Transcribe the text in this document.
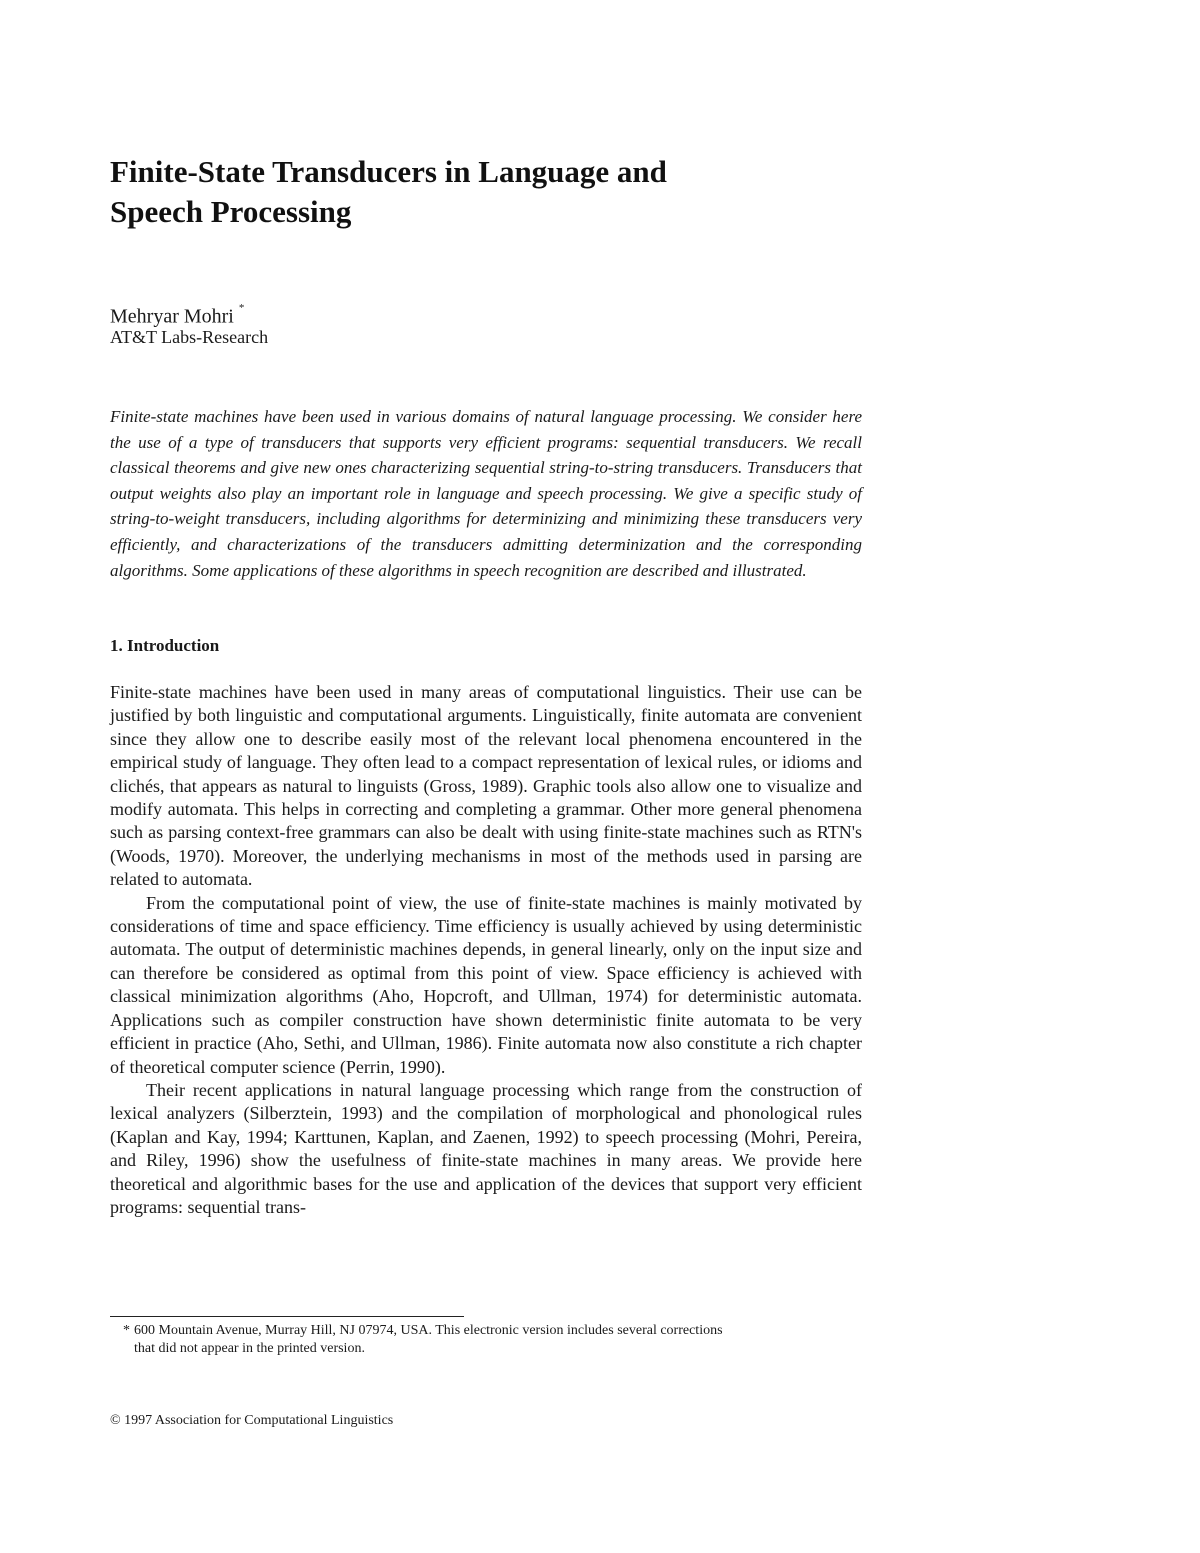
Finite-State Transducers in Language and
Speech Processing
Mehryar Mohri *
AT&T Labs-Research

Finite-state machines have been used in various domains of natural language processing. We consider here the use of a type of transducers that supports very efficient programs: sequential transducers. We recall classical theorems and give new ones characterizing sequential string-to-string transducers. Transducers that output weights also play an important role in language and speech processing. We give a specific study of string-to-weight transducers, including algorithms for determinizing and minimizing these transducers very efficiently, and characterizations of the transducers admitting determinization and the corresponding algorithms. Some applications of these algorithms in speech recognition are described and illustrated.

1. Introduction

Finite-state machines have been used in many areas of computational linguistics. Their use can be justified by both linguistic and computational arguments. Linguistically, finite automata are convenient since they allow one to describe easily most of the relevant local phenomena encountered in the empirical study of language. They often lead to a compact representation of lexical rules, or idioms and clichés, that appears as natural to linguists (Gross, 1989). Graphic tools also allow one to visualize and modify automata. This helps in correcting and completing a grammar. Other more general phenomena such as parsing context-free grammars can also be dealt with using finite-state machines such as RTN's (Woods, 1970). Moreover, the underlying mechanisms in most of the methods used in parsing are related to automata.

From the computational point of view, the use of finite-state machines is mainly motivated by considerations of time and space efficiency. Time efficiency is usually achieved by using deterministic automata. The output of deterministic machines depends, in general linearly, only on the input size and can therefore be considered as optimal from this point of view. Space efficiency is achieved with classical minimization algorithms (Aho, Hopcroft, and Ullman, 1974) for deterministic automata. Applications such as compiler construction have shown deterministic finite automata to be very efficient in practice (Aho, Sethi, and Ullman, 1986). Finite automata now also constitute a rich chapter of theoretical computer science (Perrin, 1990).

Their recent applications in natural language processing which range from the construction of lexical analyzers (Silberztein, 1993) and the compilation of morphological and phonological rules (Kaplan and Kay, 1994; Karttunen, Kaplan, and Zaenen, 1992) to speech processing (Mohri, Pereira, and Riley, 1996) show the usefulness of finite-state machines in many areas. We provide here theoretical and algorithmic bases for the use and application of the devices that support very efficient programs: sequential trans-

* 600 Mountain Avenue, Murray Hill, NJ 07974, USA. This electronic version includes several corrections
that did not appear in the printed version.
© 1997 Association for Computational Linguistics
